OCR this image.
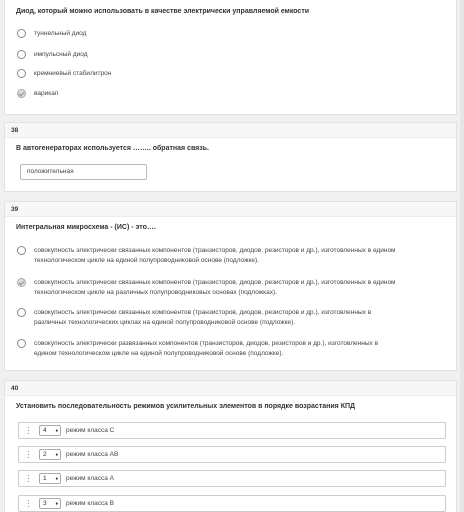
Диод, который можно использовать в качестве электрически управляемой емкости
туннельный диод
импульсный диод
кремниевый стабилитрон
варикап
38
В автогенераторах используется …….. обратная связь.
положительная
39
Интегральная микросхема - (ИС) - это….
совокупность электрически связанных компонентов (транзисторов, диодов, резисторов и др.), изготовленных в едином
технологическом цикле на единой полупроводниковой основе (подложке).
совокупность электрически связанных компонентов (транзисторов, диодов, резисторов и др.), изготовленных в едином
технологическом цикле на различных полупроводниковых основах (подложках).
совокупность электрически связанных компонентов (транзисторов, диодов, резисторов и др.), изготовленных в
различных технологических циклах на единой полупроводниковой основе (подложке).
совокупность электрически развязанных компонентов (транзисторов, диодов, резисторов и др.), изготовленных в
едином технологическом цикле на единой полупроводниковой основе (подложке).
40
Установить последовательность режимов усилительных элементов в порядке возрастания КПД
4 ♦ режим класса C
2 ♦ режим класса AB
1 ♦ режим класса A
3 ♦ режим класса B
